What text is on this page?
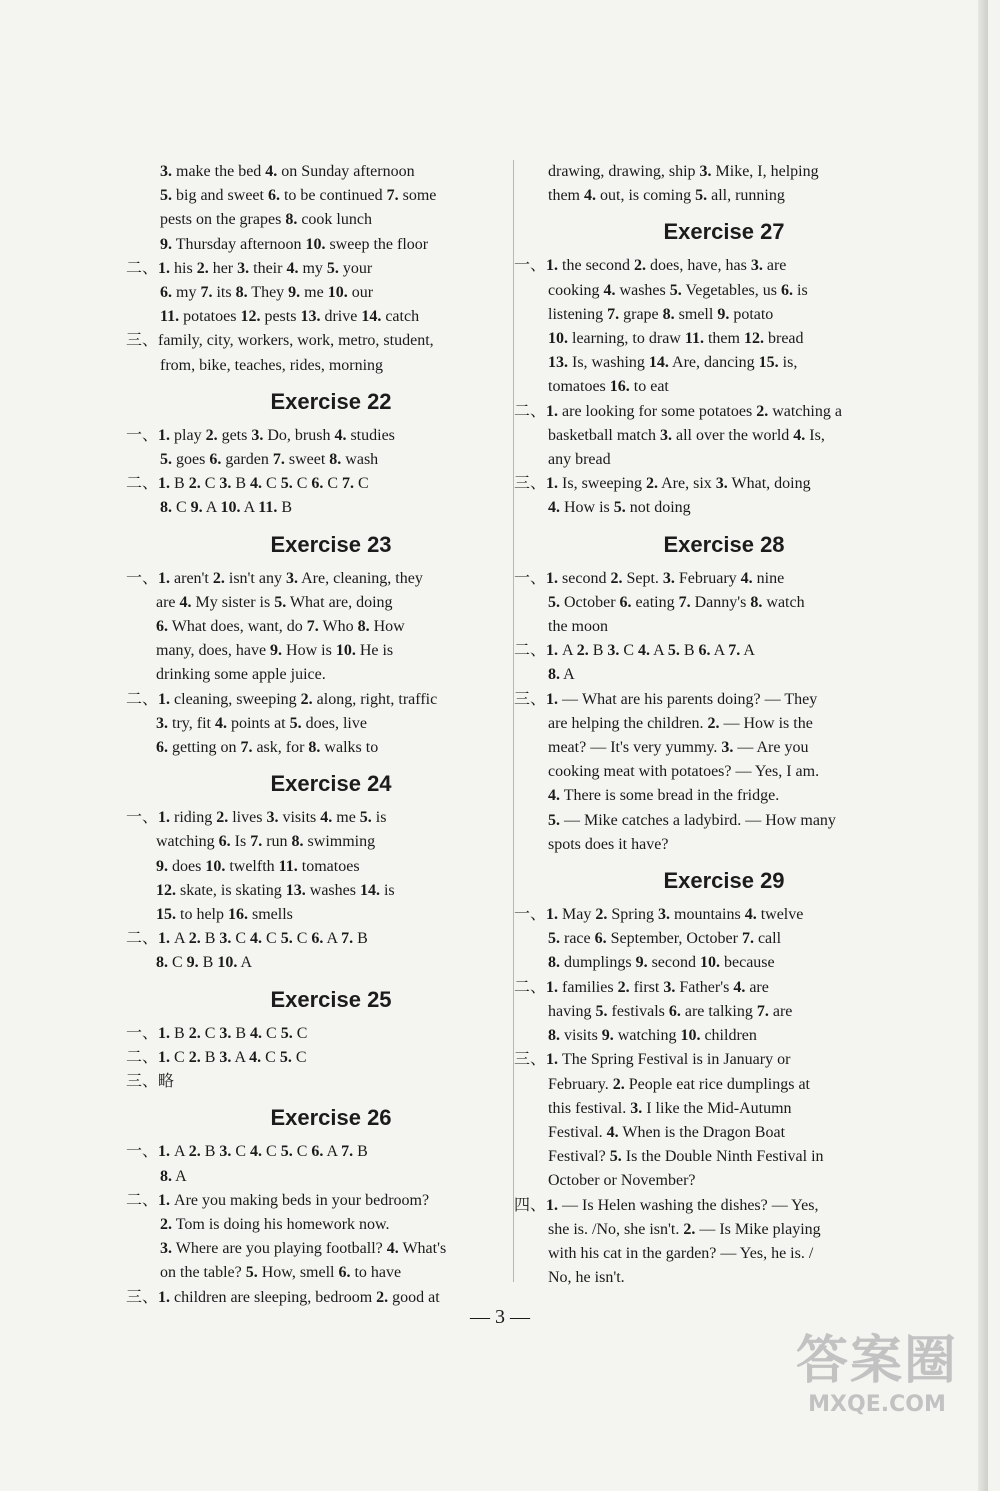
3. make the bed 4. on Sunday afternoon
5. big and sweet 6. to be continued 7. some
pests on the grapes 8. cook lunch
9. Thursday afternoon 10. sweep the floor
二、1. his 2. her 3. their 4. my 5. your
6. my 7. its 8. They 9. me 10. our
11. potatoes 12. pests 13. drive 14. catch
三、family, city, workers, work, metro, student,
from, bike, teaches, rides, morning
Exercise 22
一、1. play 2. gets 3. Do, brush 4. studies
5. goes 6. garden 7. sweet 8. wash
二、1. B 2. C 3. B 4. C 5. C 6. C 7. C
8. C 9. A 10. A 11. B
Exercise 23
一、1. aren't 2. isn't any 3. Are, cleaning, they
are 4. My sister is 5. What are, doing
6. What does, want, do 7. Who 8. How
many, does, have 9. How is 10. He is
drinking some apple juice.
二、1. cleaning, sweeping 2. along, right, traffic
3. try, fit 4. points at 5. does, live
6. getting on 7. ask, for 8. walks to
Exercise 24
一、1. riding 2. lives 3. visits 4. me 5. is
watching 6. Is 7. run 8. swimming
9. does 10. twelfth 11. tomatoes
12. skate, is skating 13. washes 14. is
15. to help 16. smells
二、1. A 2. B 3. C 4. C 5. C 6. A 7. B
8. C 9. B 10. A
Exercise 25
一、1. B 2. C 3. B 4. C 5. C
二、1. C 2. B 3. A 4. C 5. C
三、略
Exercise 26
一、1. A 2. B 3. C 4. C 5. C 6. A 7. B
8. A
二、1. Are you making beds in your bedroom?
2. Tom is doing his homework now.
3. Where are you playing football? 4. What's
on the table? 5. How, smell 6. to have
三、1. children are sleeping, bedroom 2. good at
drawing, drawing, ship 3. Mike, I, helping
them 4. out, is coming 5. all, running
Exercise 27
一、1. the second 2. does, have, has 3. are
cooking 4. washes 5. Vegetables, us 6. is
listening 7. grape 8. smell 9. potato
10. learning, to draw 11. them 12. bread
13. Is, washing 14. Are, dancing 15. is,
tomatoes 16. to eat
二、1. are looking for some potatoes 2. watching a
basketball match 3. all over the world 4. Is,
any bread
三、1. Is, sweeping 2. Are, six 3. What, doing
4. How is 5. not doing
Exercise 28
一、1. second 2. Sept. 3. February 4. nine
5. October 6. eating 7. Danny's 8. watch
the moon
二、1. A 2. B 3. C 4. A 5. B 6. A 7. A
8. A
三、1. — What are his parents doing? — They
are helping the children. 2. — How is the
meat? — It's very yummy. 3. — Are you
cooking meat with potatoes? — Yes, I am.
4. There is some bread in the fridge.
5. — Mike catches a ladybird. — How many
spots does it have?
Exercise 29
一、1. May 2. Spring 3. mountains 4. twelve
5. race 6. September, October 7. call
8. dumplings 9. second 10. because
二、1. families 2. first 3. Father's 4. are
having 5. festivals 6. are talking 7. are
8. visits 9. watching 10. children
三、1. The Spring Festival is in January or
February. 2. People eat rice dumplings at
this festival. 3. I like the Mid-Autumn
Festival. 4. When is the Dragon Boat
Festival? 5. Is the Double Ninth Festival in
October or November?
四、1. — Is Helen washing the dishes? — Yes,
she is. /No, she isn't. 2. — Is Mike playing
with his cat in the garden? — Yes, he is. /
No, he isn't.
— 3 —
答案圈
MXQE.COM
